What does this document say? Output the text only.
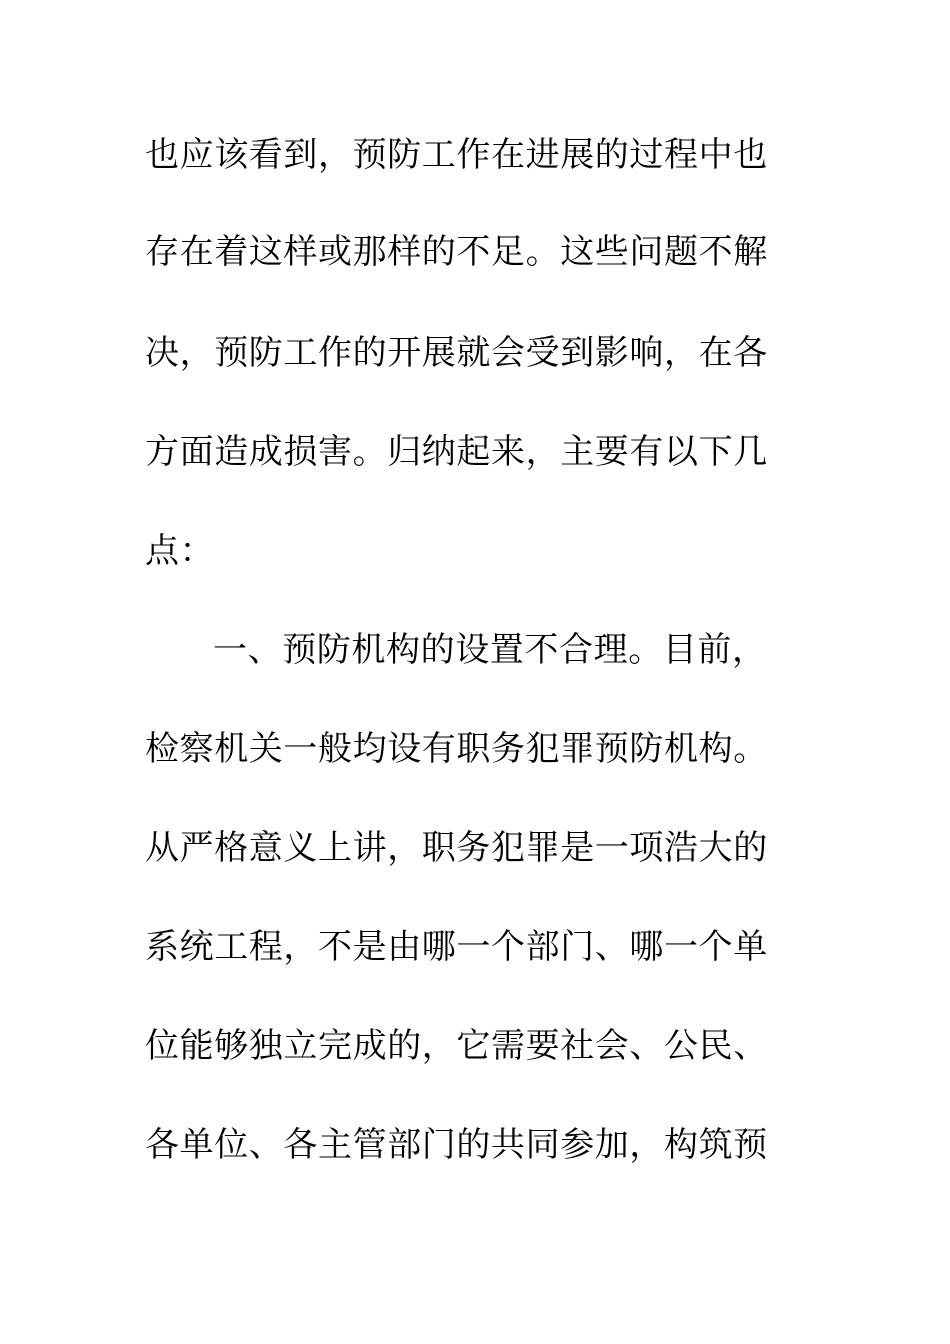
也应该看到，预防工作在进展的过程中也
存在着这样或那样的不足。这些问题不解
决，预防工作的开展就会受到影响，在各
方面造成损害。归纳起来，主要有以下几
点：
一、预防机构的设置不合理。目前，
检察机关一般均设有职务犯罪预防机构。
从严格意义上讲，职务犯罪是一项浩大的
系统工程，不是由哪一个部门、哪一个单
位能够独立完成的，它需要社会、公民、
各单位、各主管部门的共同参加，构筑预
